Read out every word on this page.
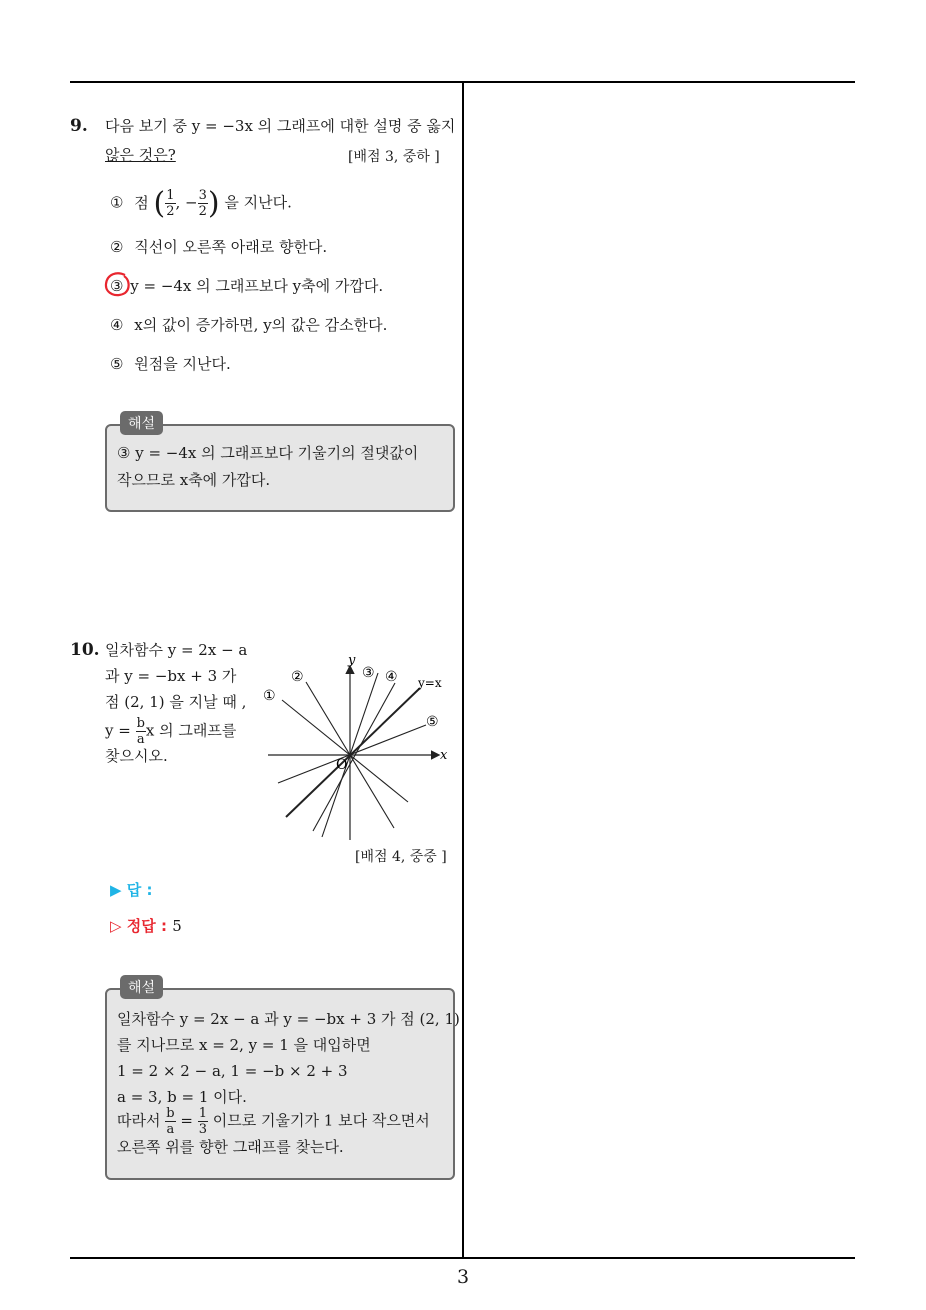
3
9. 다음 보기 중 y = −3x 의 그래프에 대한 설명 중 옳지
않은 것은?	[배점 3, 중하 ]
① 점 ( $\frac{1}{2}$ , − $\frac{3}{2}$ ) 을 지난다.
② 직선이 오른쪽 아래로 향한다.
③ y = −4x 의 그래프보다 y축에 가깝다.
④ x의 값이 증가하면, y의 값은 감소한다.
⑤ 원점을 지난다.
해설
③ y = −4x 의 그래프보다 기울기의 절댓값이
작으므로 x축에 가깝다.
10. 일차함수 y = 2x − a
과 y = −bx + 3 가
점 (2, 1) 을 지날 때 ,
$y = \frac{b}{a}$ x 의 그래프를
찾으시오.
y
x
O
y=x
①
②	③ ④
⑤
[배점 4, 중중 ]
▶ 답 :
▷ 정답 : 5
해설
일차함수 y = 2x − a 과 y = −bx + 3 가 점 (2, 1)
를 지나므로 x = 2, y = 1 을 대입하면
1 = 2 × 2 − a, 1 = −b × 2 + 3
a = 3, b = 1 이다.
따라서 $\frac{b}{a} = \frac{1}{3}$ 이므로 기울기가 1 보다 작으면서
오른쪽 위를 향한 그래프를 찾는다.
